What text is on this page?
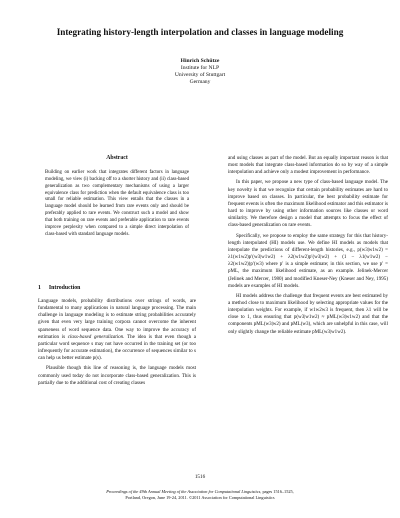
Integrating history-length interpolation and classes in language modeling
Hinrich Schütze
Institute for NLP
University of Stuttgart
Germany
Abstract
Building on earlier work that integrates different factors in language modeling, we view (i) backing off to a shorter history and (ii) class-based generalization as two complementary mechanisms of using a larger equivalence class for prediction when the default equivalence class is too small for reliable estimation. This view entails that the classes in a language model should be learned from rare events only and should be preferably applied to rare events. We construct such a model and show that both training on rare events and preferable application to rare events improve perplexity when compared to a simple direct interpolation of class-based with standard language models.
1 Introduction

Language models, probability distributions over strings of words, are fundamental to many applications in natural language processing. The main challenge in language modeling is to estimate string probabilities accurately given that even very large training corpora cannot overcome the inherent sparseness of word sequence data. One way to improve the accuracy of estimation is class-based generalization. The idea is that even though a particular word sequence s may not have occurred in the training set (or too infrequently for accurate estimation), the occurrence of sequences similar to s can help us better estimate p(s).

Plausible though this line of reasoning is, the language models most commonly used today do not incorporate class-based generalization. This is partially due to the additional cost of creating classes

and using classes as part of the model. But an equally important reason is that most models that integrate class-based information do so by way of a simple interpolation and achieve only a modest improvement in performance.

In this paper, we propose a new type of class-based language model. The key novelty is that we recognize that certain probability estimates are hard to improve based on classes. In particular, the best probability estimate for frequent events is often the maximum likelihood estimator and this estimator is hard to improve by using other information sources like classes or word similarity. We therefore design a model that attempts to focus the effect of class-based generalization on rare events.

Specifically, we propose to employ the same strategy for this that history-length interpolated (HI) models use. We define HI models as models that interpolate the predictions of different-length histories, e.g., p(w3|w1w2) = λ1(w1w2)p′(w3|w1w2) + λ2(w1w2)p′(w3|w2) + (1 − λ1(w1w2) − λ2(w1w2))p′(w3) where p′ is a simple estimate; in this section, we use p′ = pML, the maximum likelihood estimate, as an example. Jelinek-Mercer (Jelinek and Mercer, 1980) and modified Kneser-Ney (Kneser and Ney, 1995) models are examples of HI models.

HI models address the challenge that frequent events are best estimated by a method close to maximum likelihood by selecting appropriate values for the interpolation weights. For example, if w1w2w3 is frequent, then λ1 will be close to 1, thus ensuring that p(w3|w1w2) ≈ pML(w3|w1w2) and that the components pML(w3|w2) and pML(w3), which are unhelpful in this case, will only slightly change the reliable estimate pML(w3|w1w2).

1516
Proceedings of the 49th Annual Meeting of the Association for Computational Linguistics, pages 1516–1525,
Portland, Oregon, June 19-24, 2011. ©2011 Association for Computational Linguistics
